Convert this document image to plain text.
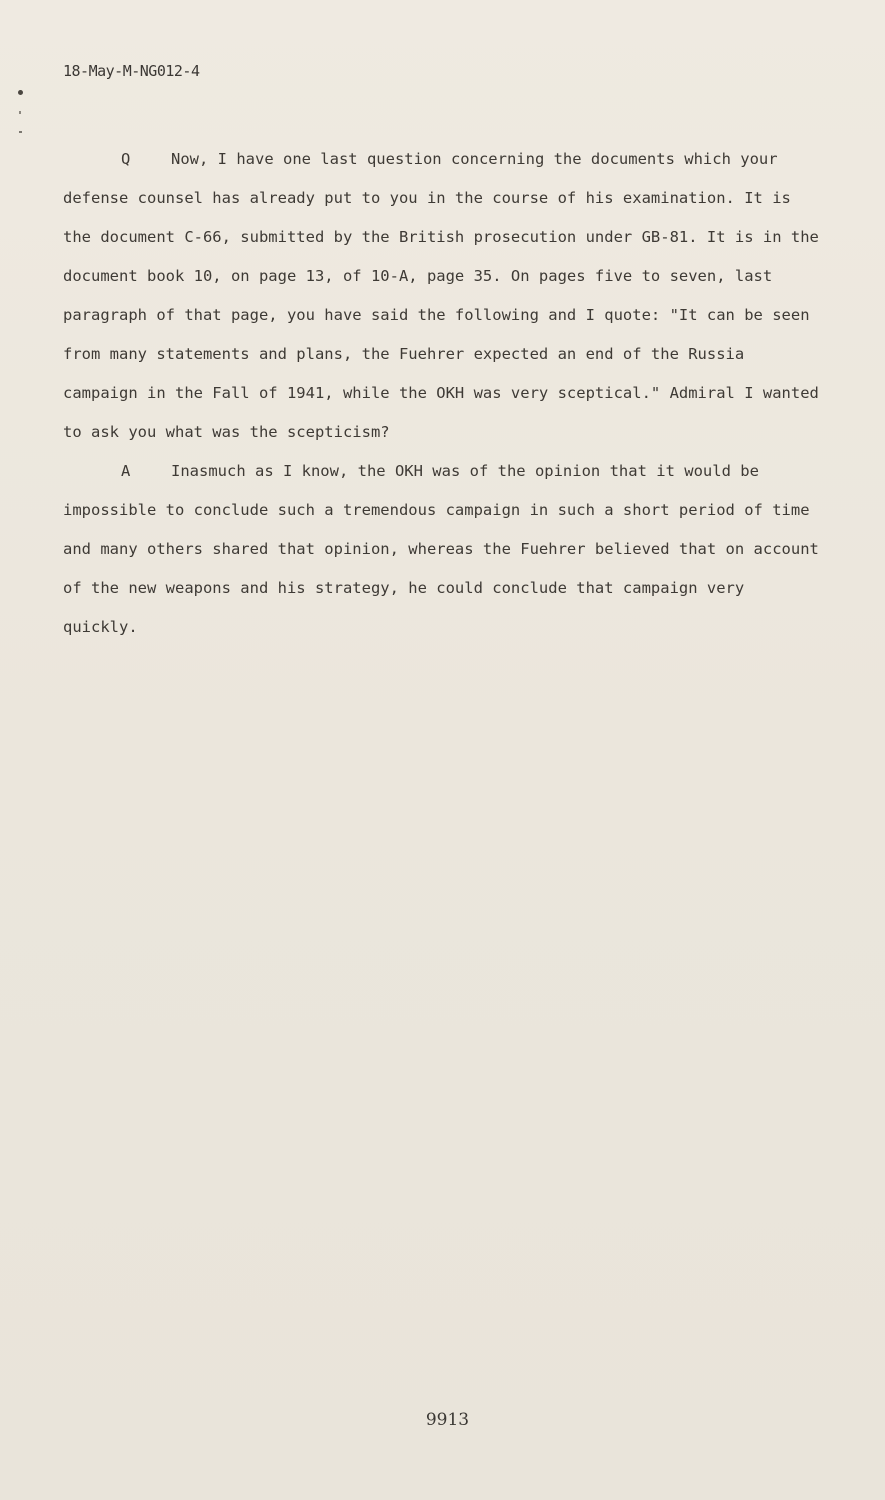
18-May-M-NG012-4

Q	Now, I have one last question concerning the documents which your defense counsel has already put to you in the course of his examination. It is the document C-66, submitted by the British prosecution under GB-81. It is in the document book 10, on page 13, of 10-A, page 35. On pages five to seven, last paragraph of that page, you have said the following and I quote: "It can be seen from many statements and plans, the Fuehrer expected an end of the Russia campaign in the Fall of 1941, while the OKH was very sceptical." Admiral I wanted to ask you what was the scepticism?

A	Inasmuch as I know, the OKH was of the opinion that it would be impossible to conclude such a tremendous campaign in such a short period of time and many others shared that opinion, whereas the Fuehrer believed that on account of the new weapons and his strategy, he could conclude that campaign very quickly.

9913
